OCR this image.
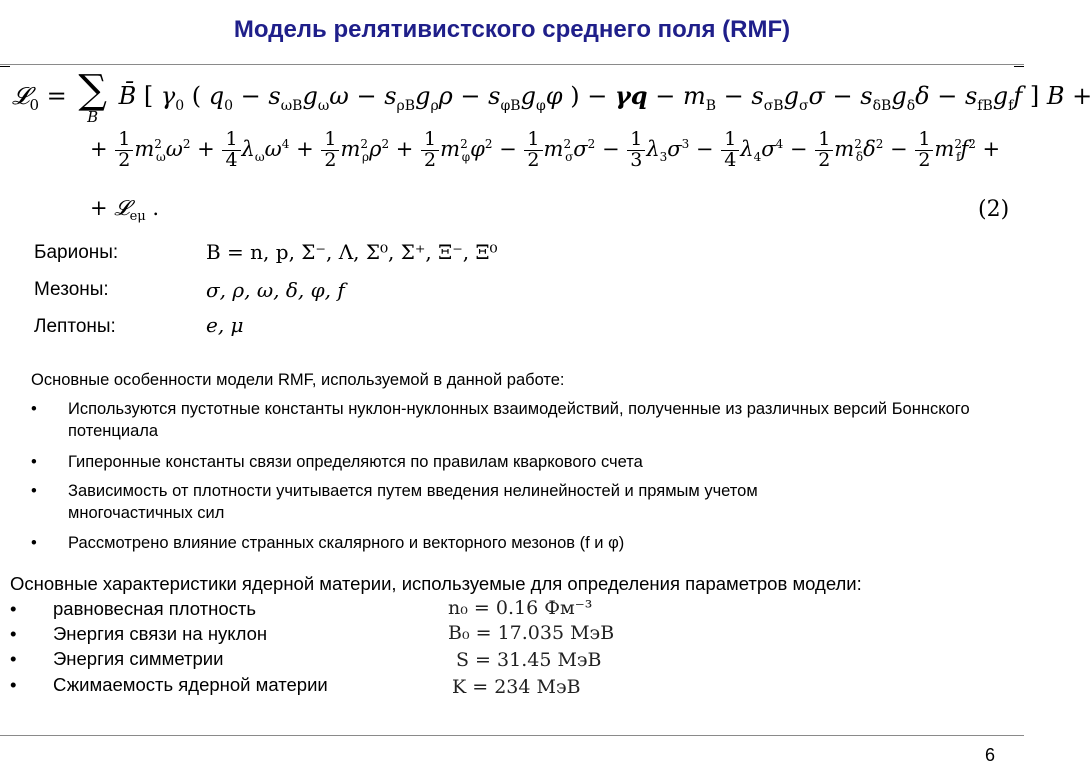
Модель релятивистского среднего поля (RMF)
𝓛$_0$ = ∑
B
B̄ [ $\gamma_0$ ( $q_0 - s_{\omega B}g_\omega\omega - s_{\rho B}g_\rho\rho - s_{\varphi B}g_\varphi\varphi$ ) − $\gamma q - m_B - s_{\sigma B}g_\sigma\sigma - s_{\delta B}g_\delta\delta - s_{fB}g_ff$ ] B +
+ $\frac{1}{2} m^2_\omega\omega^2 + \frac{1}{4} \lambda_\omega\omega^4 + \frac{1}{2} m^2_\rho\rho^2 + \frac{1}{2} m^2_\varphi\varphi^2 - \frac{1}{2} m^2_\sigma\sigma^2 - \frac{1}{3} \lambda_3\sigma^3 - \frac{1}{4} \lambda_4\sigma^4 - \frac{1}{2} m^2_\delta\delta^2 - \frac{1}{2} m^2_ff^2$ +
+ 𝓛$_{e\mu}$ .	(2)
Барионы:	B = n, p, Σ⁻, Λ, Σ⁰, Σ⁺, Ξ⁻, Ξ⁰
Мезоны:	σ, ρ, ω, δ, φ, f
Лептоны:	e, μ
Основные особенности модели RMF, используемой в данной работе:
• Используются пустотные константы нуклон-нуклонных взаимодействий, полученные из различных версий Боннского потенциала
• Гиперонные константы связи определяются по правилам кваркового счета
• Зависимость от плотности учитывается путем введения нелинейностей и прямым учетом многочастичных сил
• Рассмотрено влияние странных скалярного и векторного мезонов (f и φ)
Основные характеристики ядерной материи, используемые для определения параметров модели:
• равновесная плотность	n₀ = 0.16 Фм⁻³
• Энергия связи на нуклон	B₀ = 17.035 МэВ
• Энергия симметрии	S = 31.45 МэВ
• Сжимаемость ядерной материи	K = 234 МэВ
6
